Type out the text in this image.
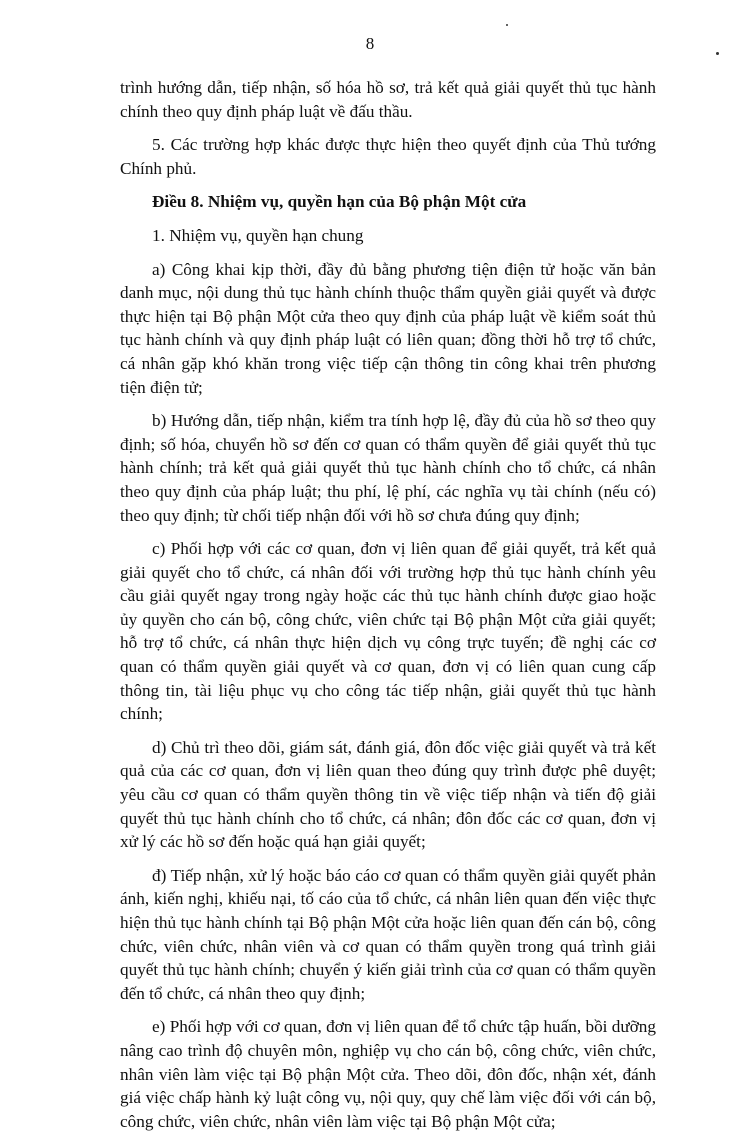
8

trình hướng dẫn, tiếp nhận, số hóa hồ sơ, trả kết quả giải quyết thủ tục hành chính theo quy định pháp luật về đấu thầu.

5. Các trường hợp khác được thực hiện theo quyết định của Thủ tướng Chính phủ.

Điều 8. Nhiệm vụ, quyền hạn của Bộ phận Một cửa

1. Nhiệm vụ, quyền hạn chung

a) Công khai kịp thời, đầy đủ bằng phương tiện điện tử hoặc văn bản danh mục, nội dung thủ tục hành chính thuộc thẩm quyền giải quyết và được thực hiện tại Bộ phận Một cửa theo quy định của pháp luật về kiểm soát thủ tục hành chính và quy định pháp luật có liên quan; đồng thời hỗ trợ tổ chức, cá nhân gặp khó khăn trong việc tiếp cận thông tin công khai trên phương tiện điện tử;

b) Hướng dẫn, tiếp nhận, kiểm tra tính hợp lệ, đầy đủ của hồ sơ theo quy định; số hóa, chuyển hồ sơ đến cơ quan có thẩm quyền để giải quyết thủ tục hành chính; trả kết quả giải quyết thủ tục hành chính cho tổ chức, cá nhân theo quy định của pháp luật; thu phí, lệ phí, các nghĩa vụ tài chính (nếu có) theo quy định; từ chối tiếp nhận đối với hồ sơ chưa đúng quy định;

c) Phối hợp với các cơ quan, đơn vị liên quan để giải quyết, trả kết quả giải quyết cho tổ chức, cá nhân đối với trường hợp thủ tục hành chính yêu cầu giải quyết ngay trong ngày hoặc các thủ tục hành chính được giao hoặc ủy quyền cho cán bộ, công chức, viên chức tại Bộ phận Một cửa giải quyết; hỗ trợ tổ chức, cá nhân thực hiện dịch vụ công trực tuyến; đề nghị các cơ quan có thẩm quyền giải quyết và cơ quan, đơn vị có liên quan cung cấp thông tin, tài liệu phục vụ cho công tác tiếp nhận, giải quyết thủ tục hành chính;

d) Chủ trì theo dõi, giám sát, đánh giá, đôn đốc việc giải quyết và trả kết quả của các cơ quan, đơn vị liên quan theo đúng quy trình được phê duyệt; yêu cầu cơ quan có thẩm quyền thông tin về việc tiếp nhận và tiến độ giải quyết thủ tục hành chính cho tổ chức, cá nhân; đôn đốc các cơ quan, đơn vị xử lý các hồ sơ đến hoặc quá hạn giải quyết;

đ) Tiếp nhận, xử lý hoặc báo cáo cơ quan có thẩm quyền giải quyết phản ánh, kiến nghị, khiếu nại, tố cáo của tổ chức, cá nhân liên quan đến việc thực hiện thủ tục hành chính tại Bộ phận Một cửa hoặc liên quan đến cán bộ, công chức, viên chức, nhân viên và cơ quan có thẩm quyền trong quá trình giải quyết thủ tục hành chính; chuyển ý kiến giải trình của cơ quan có thẩm quyền đến tổ chức, cá nhân theo quy định;

e) Phối hợp với cơ quan, đơn vị liên quan để tổ chức tập huấn, bồi dưỡng nâng cao trình độ chuyên môn, nghiệp vụ cho cán bộ, công chức, viên chức, nhân viên làm việc tại Bộ phận Một cửa. Theo dõi, đôn đốc, nhận xét, đánh giá việc chấp hành kỷ luật công vụ, nội quy, quy chế làm việc đối với cán bộ, công chức, viên chức, nhân viên làm việc tại Bộ phận Một cửa;
